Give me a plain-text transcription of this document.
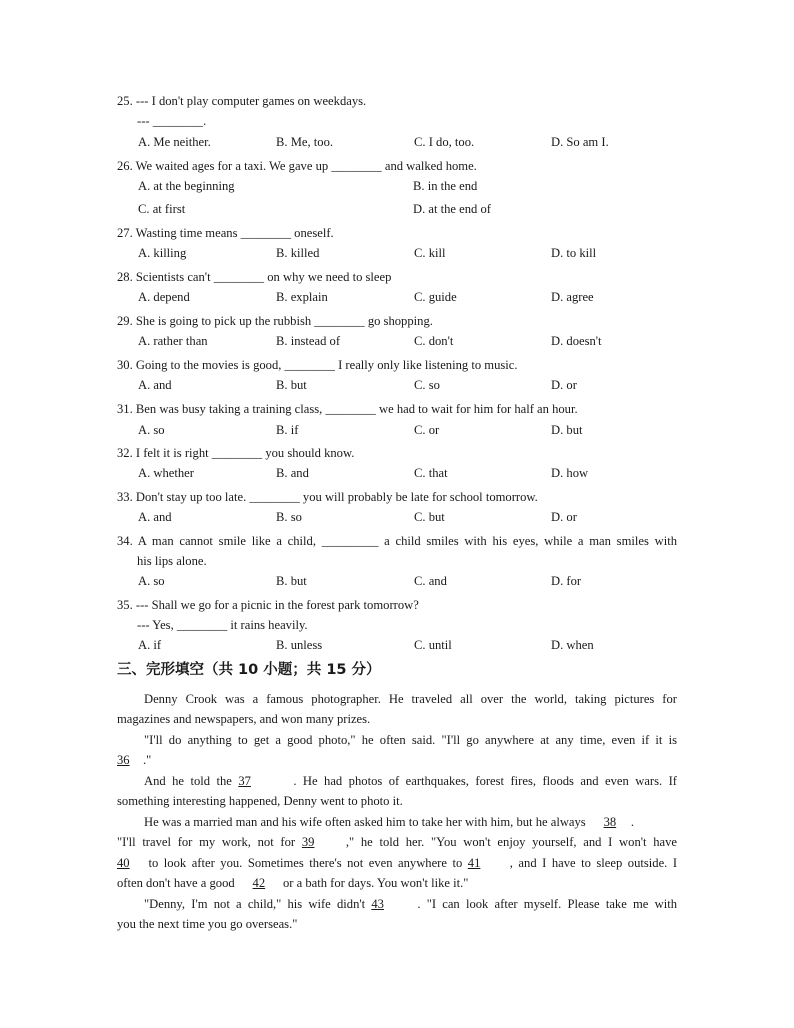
25. --- I don't play computer games on weekdays.
--- ________.
A. Me neither.	B. Me, too.	C. I do, too.	D. So am I.
26. We waited ages for a taxi. We gave up ________ and walked home.
A. at the beginning	B. in the end
C. at first	D. at the end of
27. Wasting time means ________ oneself.
A. killing	B. killed	C. kill	D. to kill
28. Scientists can't ________ on why we need to sleep
A. depend	B. explain	C. guide	D. agree
29. She is going to pick up the rubbish ________ go shopping.
A. rather than	B. instead of	C. don't	D. doesn't
30. Going to the movies is good, ________ I really only like listening to music.
A. and	B. but	C. so	D. or
31. Ben was busy taking a training class, ________ we had to wait for him for half an hour.
A. so	B. if	C. or	D. but
32. I felt it is right ________ you should know.
A. whether	B. and	C. that	D. how
33. Don't stay up too late. ________ you will probably be late for school tomorrow.
A. and	B. so	C. but	D. or
34. A man cannot smile like a child, _________ a child smiles with his eyes, while a man smiles with
his lips alone.
A. so	B. but	C. and	D. for
35. --- Shall we go for a picnic in the forest park tomorrow?
--- Yes, ________ it rains heavily.
A. if	B. unless	C. until	D. when
三、完形填空（共 10 小题；共 15 分）
Denny Crook was a famous photographer. He traveled all over the world, taking pictures for
magazines and newspapers, and won many prizes.
"I'll do anything to get a good photo," he often said. "I'll go anywhere at any time, even if it is
36 ."
And he told the 37	. He had photos of earthquakes, forest fires, floods and even wars. If
something interesting happened, Denny went to photo it.
He was a married man and his wife often asked him to take her with him, but he always 38 .
"I'll travel for my work, not for 39 ," he told her. "You won't enjoy yourself, and I won't have
40 to look after you. Sometimes there's not even anywhere to 41 , and I have to sleep outside. I
often don't have a good 42 or a bath for days. You won't like it."
"Denny, I'm not a child," his wife didn't 43	. "I can look after myself. Please take me with
you the next time you go overseas."
